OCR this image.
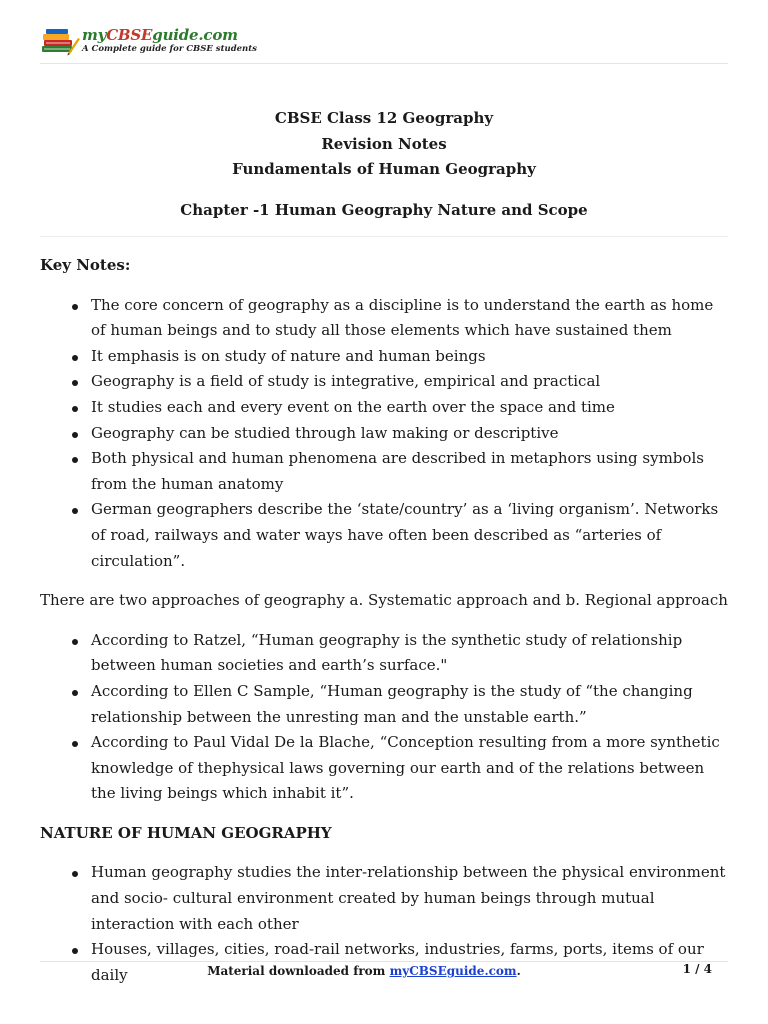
myCBSEguide.com
A Complete guide for CBSE students
CBSE Class 12 Geography
Revision Notes
Fundamentals of Human Geography
Chapter -1 Human Geography Nature and Scope

Key Notes:

The core concern of geography as a discipline is to understand the earth as home of human beings and to study all those elements which have sustained them
It emphasis is on study of nature and human beings
Geography is a field of study is integrative, empirical and practical
It studies each and every event on the earth over the space and time
Geography can be studied through law making or descriptive
Both physical and human phenomena are described in metaphors using symbols from the human anatomy
German geographers describe the ‘state/country’ as a ‘living organism’. Networks of road, railways and water ways have often been described as “arteries of circulation”.

There are two approaches of geography a. Systematic approach and b. Regional approach

According to Ratzel, “Human geography is the synthetic study of relationship between human societies and earth’s surface."
According to Ellen C Sample, “Human geography is the study of “the changing relationship between the unresting man and the unstable earth.”
According to Paul Vidal De la Blache, “Conception resulting from a more synthetic knowledge of thephysical laws governing our earth and of the relations between the living beings which inhabit it”.

NATURE OF HUMAN GEOGRAPHY

Human geography studies the inter-relationship between the physical environment and socio- cultural environment created by human beings through mutual interaction with each other
Houses, villages, cities, road-rail networks, industries, farms, ports, items of our daily	Material downloaded from myCBSEguide.com.	1 / 4
